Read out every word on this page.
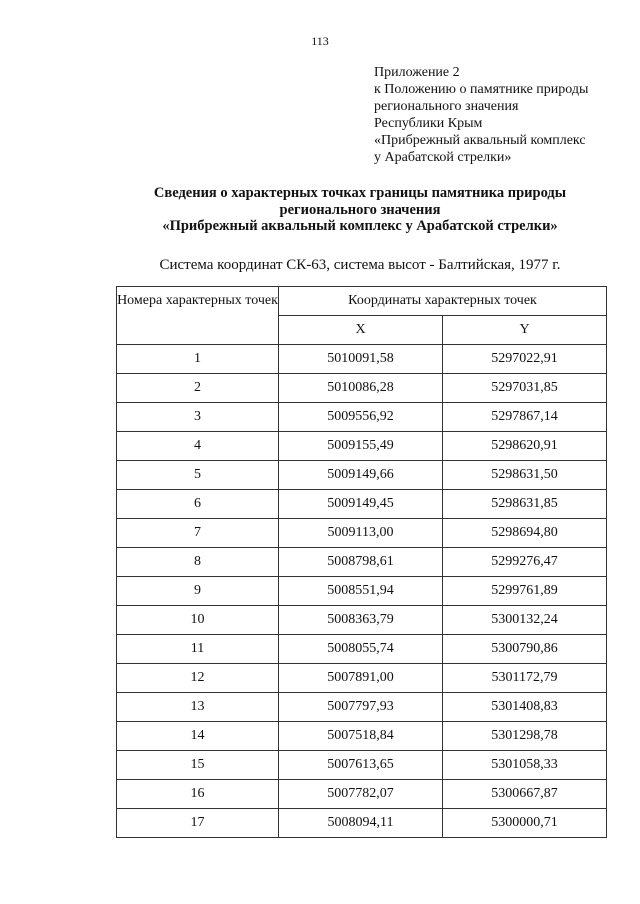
113
Приложение 2
к Положению о памятнике природы
регионального значения
Республики Крым
«Прибрежный аквальный комплекс
у Арабатской стрелки»
Сведения о характерных точках границы памятника природы
регионального значения
«Прибрежный аквальный комплекс у Арабатской стрелки»
Система координат СК-63, система высот - Балтийская, 1977 г.
Номера характерных точек	Координаты характерных точек	
	X	Y
1	5010091,58	5297022,91
2	5010086,28	5297031,85
3	5009556,92	5297867,14
4	5009155,49	5298620,91
5	5009149,66	5298631,50
6	5009149,45	5298631,85
7	5009113,00	5298694,80
8	5008798,61	5299276,47
9	5008551,94	5299761,89
10	5008363,79	5300132,24
11	5008055,74	5300790,86
12	5007891,00	5301172,79
13	5007797,93	5301408,83
14	5007518,84	5301298,78
15	5007613,65	5301058,33
16	5007782,07	5300667,87
17	5008094,11	5300000,71
